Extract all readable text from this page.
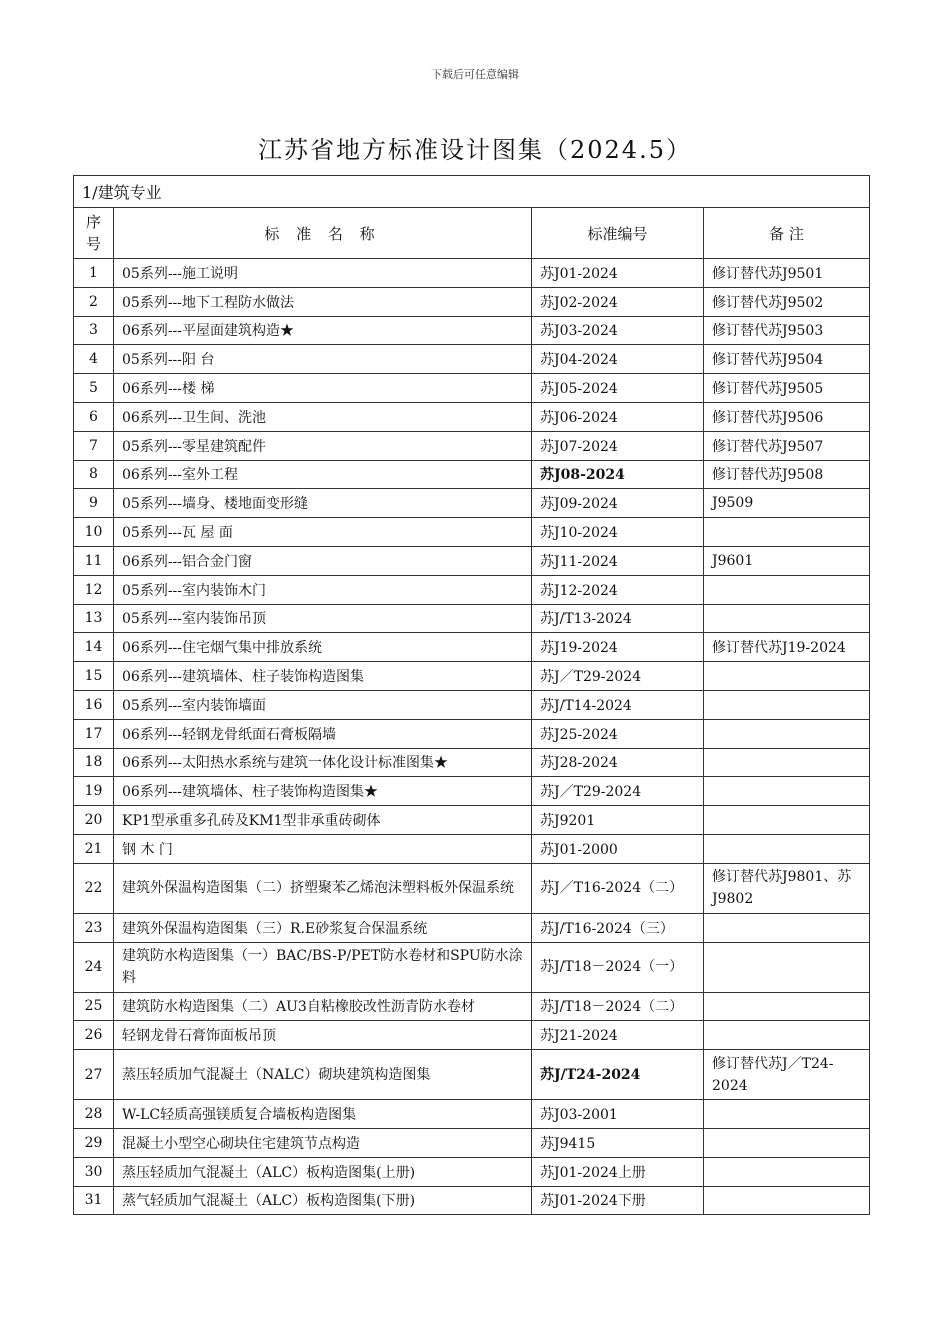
下载后可任意编辑
江苏省地方标准设计图集（2024.5）
1/建筑专业			
序
号	标 准 名 称	标准编号	备 注
1	05系列---施工说明	苏J01-2024	修订替代苏J9501
2	05系列---地下工程防水做法	苏J02-2024	修订替代苏J9502
3	06系列---平屋面建筑构造★	苏J03-2024	修订替代苏J9503
4	05系列---阳 台	苏J04-2024	修订替代苏J9504
5	06系列---楼 梯	苏J05-2024	修订替代苏J9505
6	06系列---卫生间、洗池	苏J06-2024	修订替代苏J9506
7	05系列---零星建筑配件	苏J07-2024	修订替代苏J9507
8	06系列---室外工程	苏J08-2024	修订替代苏J9508
9	05系列---墙身、楼地面变形缝	苏J09-2024	J9509
10	05系列---瓦 屋 面	苏J10-2024	
11	06系列---铝合金门窗	苏J11-2024	J9601
12	05系列---室内装饰木门	苏J12-2024	
13	05系列---室内装饰吊顶	苏J/T13-2024	
14	06系列---住宅烟气集中排放系统	苏J19-2024	修订替代苏J19-2024
15	06系列---建筑墙体、柱子装饰构造图集	苏J／T29-2024	
16	05系列---室内装饰墙面	苏J/T14-2024	
17	06系列---轻钢龙骨纸面石膏板隔墙	苏J25-2024	
18	06系列---太阳热水系统与建筑一体化设计标准图集★	苏J28-2024	
19	06系列---建筑墙体、柱子装饰构造图集★	苏J／T29-2024	
20	KP1型承重多孔砖及KM1型非承重砖砌体	苏J9201	
21	钢 木 门	苏J01-2000	
22	建筑外保温构造图集（二）挤塑聚苯乙烯泡沫塑料板外保温系统	苏J／T16-2024（二）	修订替代苏J9801、苏J9802
23	建筑外保温构造图集（三）R.E砂浆复合保温系统	苏J/T16-2024（三）	
24	建筑防水构造图集（一）BAC/BS-P/PET防水卷材和SPU防水涂料	苏J/T18－2024（一）	
25	建筑防水构造图集（二）AU3自粘橡胶改性沥青防水卷材	苏J/T18－2024（二）	
26	轻钢龙骨石膏饰面板吊顶	苏J21-2024	
27	蒸压轻质加气混凝土（NALC）砌块建筑构造图集	苏J/T24-2024	修订替代苏J／T24-2024
28	W-LC轻质高强镁质复合墙板构造图集	苏J03-2001	
29	混凝土小型空心砌块住宅建筑节点构造	苏J9415	
30	蒸压轻质加气混凝土（ALC）板构造图集(上册)	苏J01-2024上册	
31	蒸气轻质加气混凝土（ALC）板构造图集(下册)	苏J01-2024下册	
